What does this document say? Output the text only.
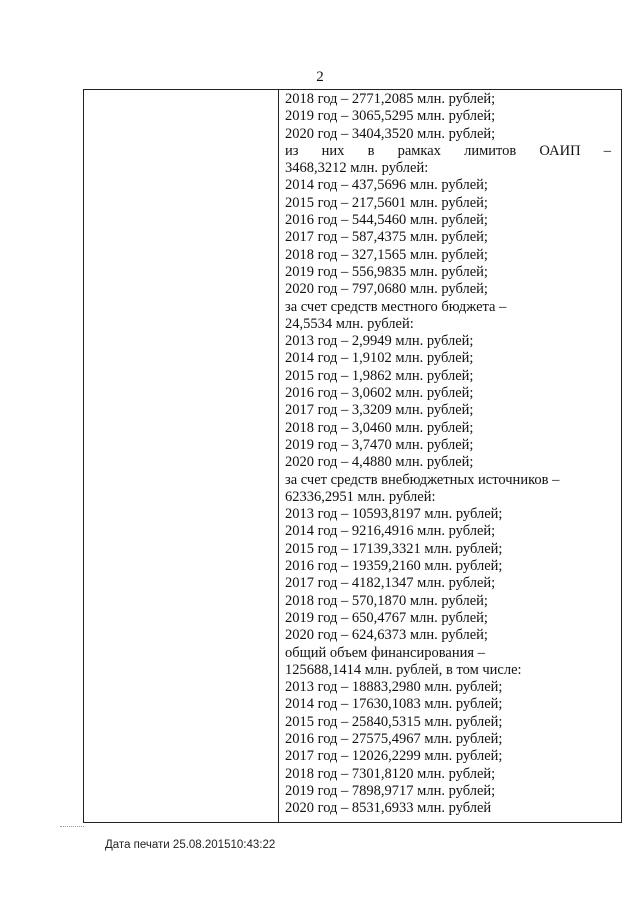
2
2018 год – 2771,2085 млн. рублей;
2019 год – 3065,5295 млн. рублей;
2020 год – 3404,3520 млн. рублей;
из них в рамках лимитов ОАИП –
3468,3212 млн. рублей:
2014 год – 437,5696 млн. рублей;
2015 год – 217,5601 млн. рублей;
2016 год – 544,5460 млн. рублей;
2017 год – 587,4375 млн. рублей;
2018 год – 327,1565 млн. рублей;
2019 год – 556,9835 млн. рублей;
2020 год – 797,0680 млн. рублей;
за счет средств местного бюджета –
24,5534 млн. рублей:
2013 год – 2,9949 млн. рублей;
2014 год – 1,9102 млн. рублей;
2015 год – 1,9862 млн. рублей;
2016 год – 3,0602 млн. рублей;
2017 год – 3,3209 млн. рублей;
2018 год – 3,0460 млн. рублей;
2019 год – 3,7470 млн. рублей;
2020 год – 4,4880 млн. рублей;
за счет средств внебюджетных источников –
62336,2951 млн. рублей:
2013 год – 10593,8197 млн. рублей;
2014 год – 9216,4916 млн. рублей;
2015 год – 17139,3321 млн. рублей;
2016 год – 19359,2160 млн. рублей;
2017 год – 4182,1347 млн. рублей;
2018 год – 570,1870 млн. рублей;
2019 год – 650,4767 млн. рублей;
2020 год – 624,6373 млн. рублей;
общий объем финансирования –
125688,1414 млн. рублей, в том числе:
2013 год – 18883,2980 млн. рублей;
2014 год – 17630,1083 млн. рублей;
2015 год – 25840,5315 млн. рублей;
2016 год – 27575,4967 млн. рублей;
2017 год – 12026,2299 млн. рублей;
2018 год – 7301,8120 млн. рублей;
2019 год – 7898,9717 млн. рублей;
2020 год – 8531,6933 млн. рублей
Дата печати 25.08.201510:43:22
